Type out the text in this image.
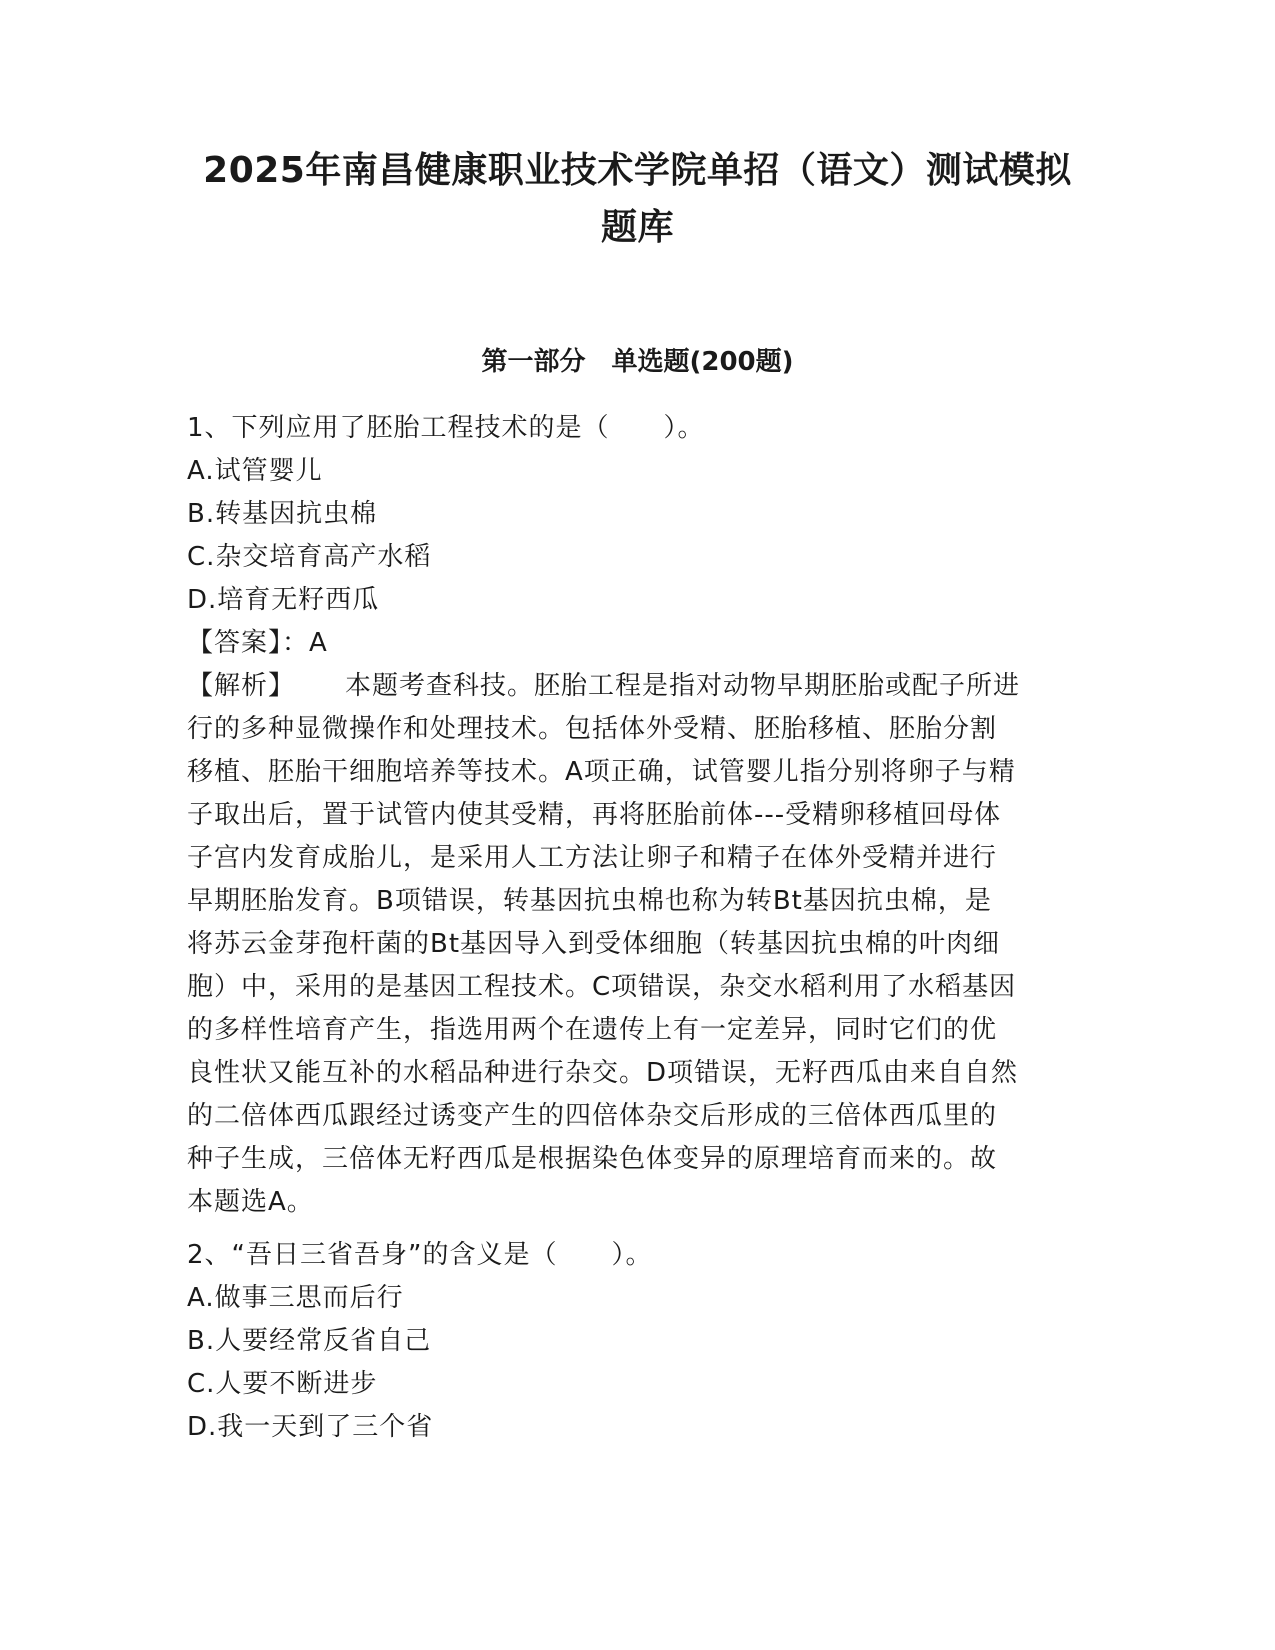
2025年南昌健康职业技术学院单招（语文）测试模拟
题库
第一部分　单选题(200题)
1、下列应用了胚胎工程技术的是（　　）。
A.试管婴儿
B.转基因抗虫棉
C.杂交培育高产水稻
D.培育无籽西瓜
【答案】：A
【解析】 本题考查科技。胚胎工程是指对动物早期胚胎或配子所进
行的多种显微操作和处理技术。包括体外受精、胚胎移植、胚胎分割
移植、胚胎干细胞培养等技术。A项正确，试管婴儿指分别将卵子与精
子取出后，置于试管内使其受精，再将胚胎前体---受精卵移植回母体
子宫内发育成胎儿，是采用人工方法让卵子和精子在体外受精并进行
早期胚胎发育。B项错误，转基因抗虫棉也称为转Bt基因抗虫棉，是
将苏云金芽孢杆菌的Bt基因导入到受体细胞（转基因抗虫棉的叶肉细
胞）中，采用的是基因工程技术。C项错误，杂交水稻利用了水稻基因
的多样性培育产生，指选用两个在遗传上有一定差异，同时它们的优
良性状又能互补的水稻品种进行杂交。D项错误，无籽西瓜由来自自然
的二倍体西瓜跟经过诱变产生的四倍体杂交后形成的三倍体西瓜里的
种子生成，三倍体无籽西瓜是根据染色体变异的原理培育而来的。故
本题选A。
2、“吾日三省吾身”的含义是（　　）。
A.做事三思而后行
B.人要经常反省自己
C.人要不断进步
D.我一天到了三个省
